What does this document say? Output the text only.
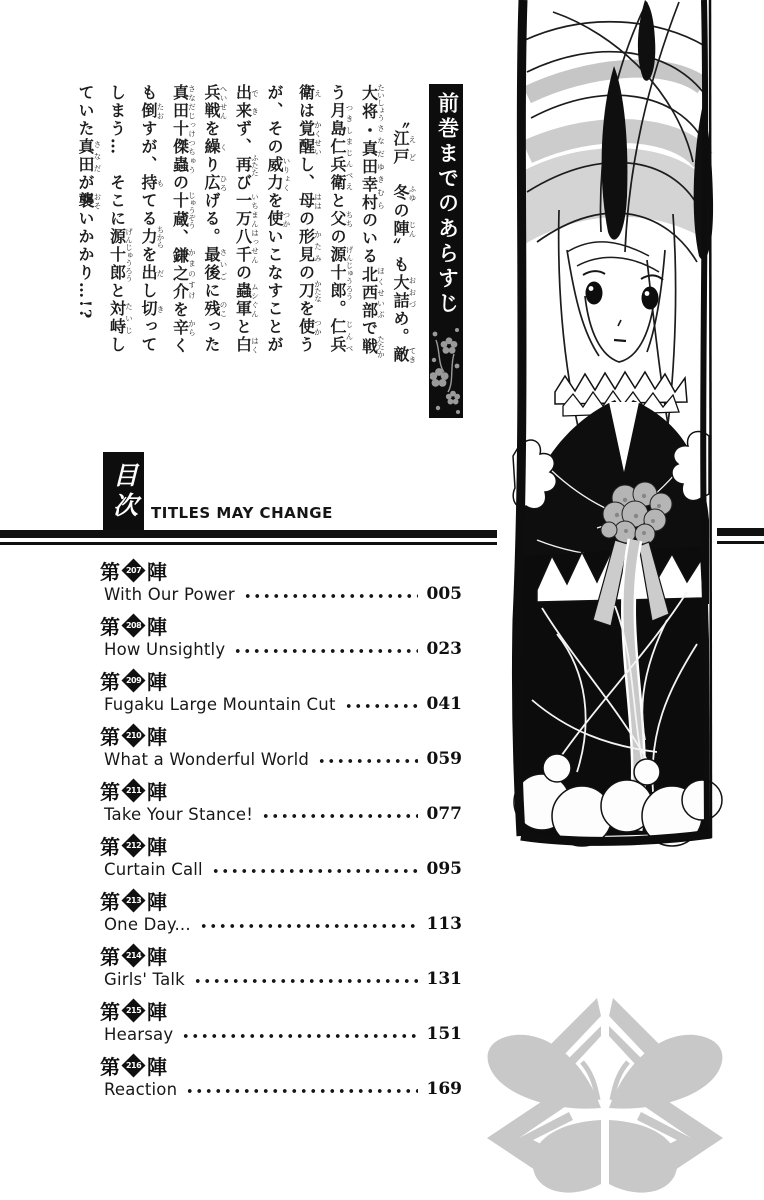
前巻までのあらすじ
　　〝江戸えど　冬ふゆの陣じん〟も大詰おおづめ。敵てき
大将たいしょう・真田幸村さなだゆきむらのいる北西部ほくせいぶで戦たたか
う月島仁兵衛つきしまじんべえと父ちちの源十郎げんじゅうろう。仁兵じんべ
衛えは覚醒かくせいし、母ははの形見かたみの刀かたなを使つかう
が、その威力いりょくを使つかいこなすことが
出来できず、再ふたたび一万八千いちまんはっせんの蟲軍ムシぐんと白はく
兵戦へいせんを繰くり広ひろげる。最後さいごに残のこった
真田十傑蟲さなだじっけつちゅうの十蔵じゅうぞう、鎌之介かまのすけを辛からく
も倒たおすが、持もてる力ちからを出だし切きって
しまう…　そこに源十郎げんじゅうろうと対峙たいじし
ていた真田さなだが襲おそいかかり…!?
目次 TITLES MAY CHANGE
第 207 陣
With Our Power	005
第 208 陣
How Unsightly	023
第 209 陣
Fugaku Large Mountain Cut	041
第 210 陣
What a Wonderful World	059
第 211 陣
Take Your Stance!	077
第 212 陣
Curtain Call	095
第 213 陣
One Day...	113
第 214 陣
Girls' Talk	131
第 215 陣
Hearsay	151
第 216 陣
Reaction	169
